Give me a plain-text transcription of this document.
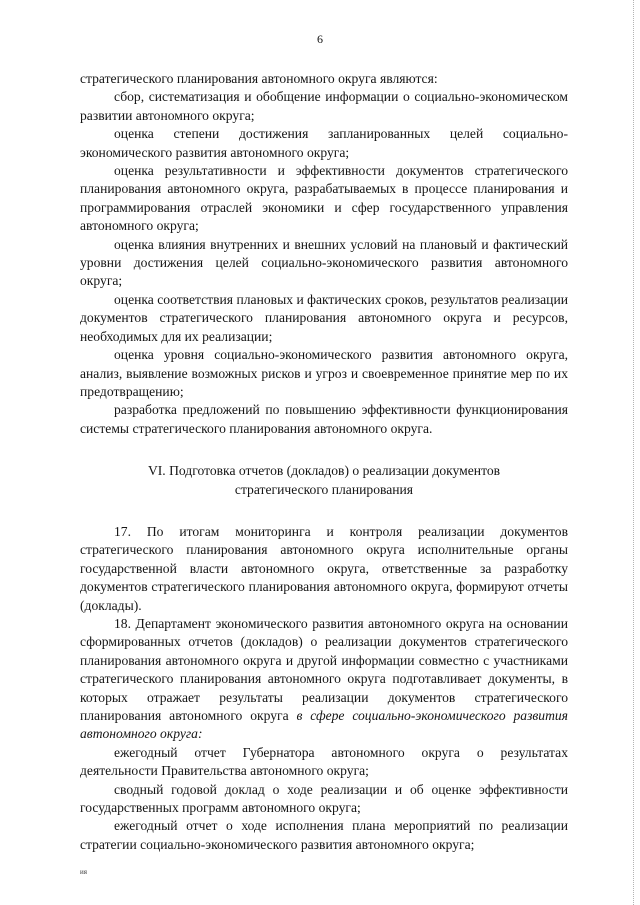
6

стратегического планирования автономного округа являются:

сбор, систематизация и обобщение информации о социально-экономическом развитии автономного округа;

оценка степени достижения запланированных целей социально-экономического развития автономного округа;

оценка результативности и эффективности документов стратегического планирования автономного округа, разрабатываемых в процессе планирования и программирования отраслей экономики и сфер государственного управления автономного округа;

оценка влияния внутренних и внешних условий на плановый и фактический уровни достижения целей социально-экономического развития автономного округа;

оценка соответствия плановых и фактических сроков, результатов реализации документов стратегического планирования автономного округа и ресурсов, необходимых для их реализации;

оценка уровня социально-экономического развития автономного округа, анализ, выявление возможных рисков и угроз и своевременное принятие мер по их предотвращению;

разработка предложений по повышению эффективности функционирования системы стратегического планирования автономного округа.

VI. Подготовка отчетов (докладов) о реализации документов
стратегического планирования

17. По итогам мониторинга и контроля реализации документов стратегического планирования автономного округа исполнительные органы государственной власти автономного округа, ответственные за разработку документов стратегического планирования автономного округа, формируют отчеты (доклады).

18. Департамент экономического развития автономного округа на основании сформированных отчетов (докладов) о реализации документов стратегического планирования автономного округа и другой информации совместно с участниками стратегического планирования автономного округа подготавливает документы, в которых отражает результаты реализации документов стратегического планирования автономного округа в сфере социально-экономического развития автономного округа:

ежегодный отчет Губернатора автономного округа о результатах деятельности Правительства автономного округа;

сводный годовой доклад о ходе реализации и об оценке эффективности государственных программ автономного округа;

ежегодный отчет о ходе исполнения плана мероприятий по реализации стратегии социально-экономического развития автономного округа;

ия
